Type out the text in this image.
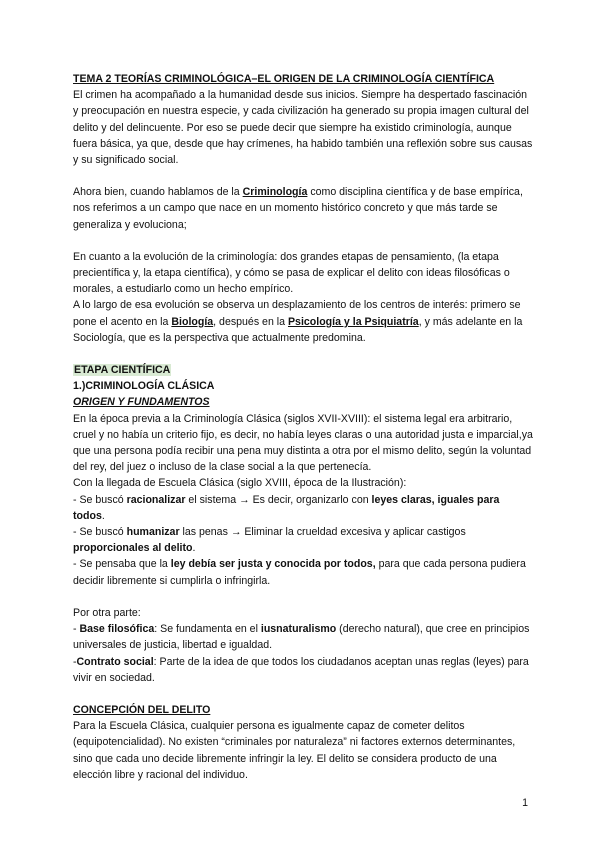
TEMA 2 TEORÍAS CRIMINOLÓGICA–EL ORIGEN DE LA CRIMINOLOGÍA CIENTÍFICA

El crimen ha acompañado a la humanidad desde sus inicios. Siempre ha despertado fascinación y preocupación en nuestra especie, y cada civilización ha generado su propia imagen cultural del delito y del delincuente. Por eso se puede decir que siempre ha existido criminología, aunque fuera básica, ya que, desde que hay crímenes, ha habido también una reflexión sobre sus causas y su significado social.

Ahora bien, cuando hablamos de la Criminología como disciplina científica y de base empírica, nos referimos a un campo que nace en un momento histórico concreto y que más tarde se generaliza y evoluciona;

En cuanto a la evolución de la criminología: dos grandes etapas de pensamiento, (la etapa precientífica y, la etapa científica), y cómo se pasa de explicar el delito con ideas filosóficas o morales, a estudiarlo como un hecho empírico.

A lo largo de esa evolución se observa un desplazamiento de los centros de interés: primero se pone el acento en la Biología, después en la Psicología y la Psiquiatría, y más adelante en la Sociología, que es la perspectiva que actualmente predomina.

ETAPA CIENTÍFICA

1.)CRIMINOLOGÍA CLÁSICA

ORIGEN Y FUNDAMENTOS

En la época previa a la Criminología Clásica (siglos XVII-XVIII): el sistema legal era arbitrario, cruel y no había un criterio fijo, es decir, no había leyes claras o una autoridad justa e imparcial,ya que una persona podía recibir una pena muy distinta a otra por el mismo delito, según la voluntad del rey, del juez o incluso de la clase social a la que pertenecía.

Con la llegada de Escuela Clásica (siglo XVIII, época de la Ilustración):

- Se buscó racionalizar el sistema → Es decir, organizarlo con leyes claras, iguales para todos.

- Se buscó humanizar las penas → Eliminar la crueldad excesiva y aplicar castigos proporcionales al delito.

- Se pensaba que la ley debía ser justa y conocida por todos, para que cada persona pudiera decidir libremente si cumplirla o infringirla.

Por otra parte:

- Base filosófica: Se fundamenta en el iusnaturalismo (derecho natural), que cree en principios universales de justicia, libertad e igualdad.

-Contrato social: Parte de la idea de que todos los ciudadanos aceptan unas reglas (leyes) para vivir en sociedad.

CONCEPCIÓN DEL DELITO

Para la Escuela Clásica, cualquier persona es igualmente capaz de cometer delitos (equipotencialidad). No existen “criminales por naturaleza” ni factores externos determinantes, sino que cada uno decide libremente infringir la ley. El delito se considera producto de una elección libre y racional del individuo.

1
